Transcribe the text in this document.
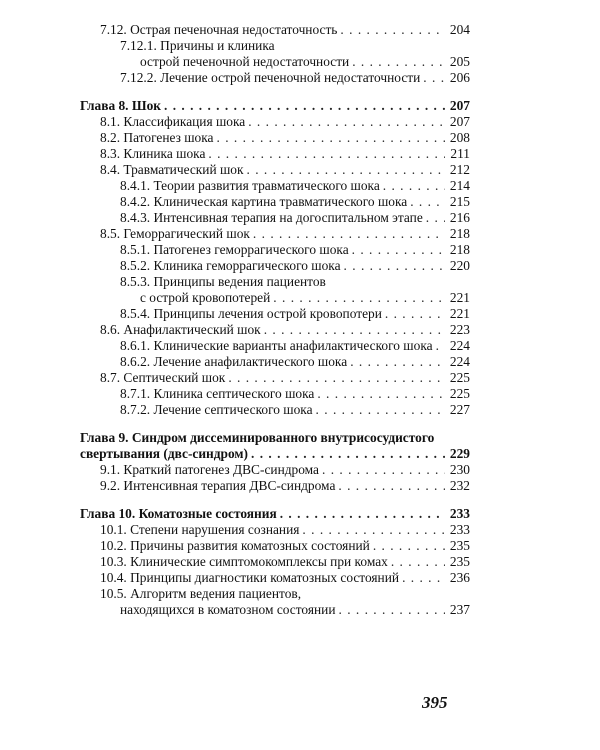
7.12. Острая печеночная недостаточность . . .	204
7.12.1. Причины и клиника
острой печеночной недостаточности . . .	205
7.12.2. Лечение острой печеночной недостаточности . . . 206
Глава 8. Шок . . .	207
8.1. Классификация шока . . .	207
8.2. Патогенез шока . . .	208
8.3. Клиника шока . . .	211
8.4. Травматический шок . . .	212
8.4.1. Теории развития травматического шока . . .	214
8.4.2. Клиническая картина травматического шока . . .	215
8.4.3. Интенсивная терапия на догоспитальном этапе . . . 216
8.5. Геморрагический шок . . .	218
8.5.1. Патогенез геморрагического шока . . .	218
8.5.2. Клиника геморрагического шока . . .	220
8.5.3. Принципы ведения пациентов
с острой кровопотерей . . .	221
8.5.4. Принципы лечения острой кровопотери . . .	221
8.6. Анафилактический шок . . .	223
8.6.1. Клинические варианты анафилактического шока . . . 224
8.6.2. Лечение анафилактического шока . . .	224
8.7. Септический шок . . .	225
8.7.1. Клиника септического шока . . .	225
8.7.2. Лечение септического шока . . .	227
Глава 9. Синдром диссеминированного внутрисосудистого
свертывания (двс-синдром) . . .	229
9.1. Краткий патогенез ДВС-синдрома . . .	230
9.2. Интенсивная терапия ДВС-синдрома . . .	232
Глава 10. Коматозные состояния . . .	233
10.1. Степени нарушения сознания . . .	233
10.2. Причины развития коматозных состояний . . .	235
10.3. Клинические симптомокомплексы при комах . . .	235
10.4. Принципы диагностики коматозных состояний . . .	236
10.5. Алгоритм ведения пациентов,
находящихся в коматозном состоянии . . .	237
395
